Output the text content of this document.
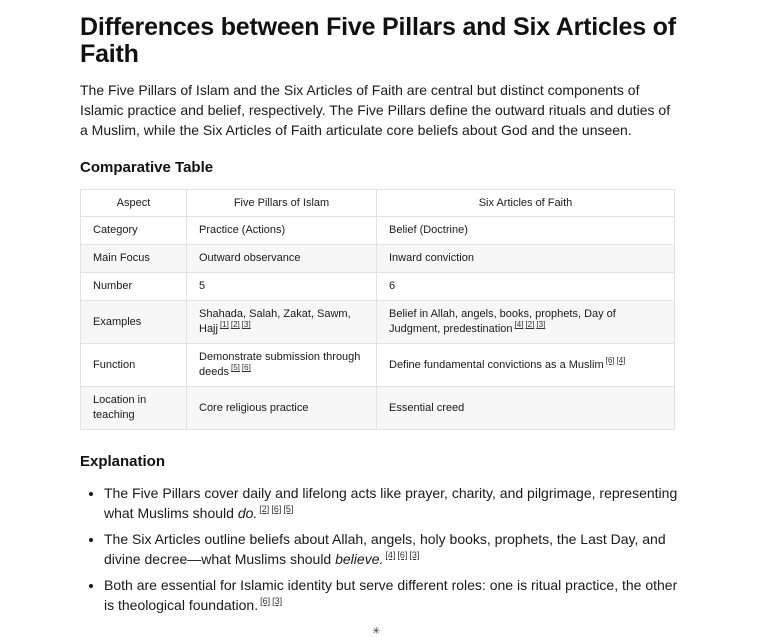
Differences between Five Pillars and Six Articles of Faith

The Five Pillars of Islam and the Six Articles of Faith are central but distinct components of Islamic practice and belief, respectively. The Five Pillars define the outward rituals and duties of a Muslim, while the Six Articles of Faith articulate core beliefs about God and the unseen.

Comparative Table
Aspect	Five Pillars of Islam	Six Articles of Faith
Category	Practice (Actions)	Belief (Doctrine)
Main Focus	Outward observance	Inward conviction
Number	5	6
Examples	Shahada, Salah, Zakat, Sawm, Hajj [1] [2] [3]	Belief in Allah, angels, books, prophets, Day of Judgment, predestination [4] [2] [3]
Function	Demonstrate submission through deeds [5] [6]	Define fundamental convictions as a Muslim [6] [4]
Location in teaching	Core religious practice	Essential creed
Explanation
• The Five Pillars cover daily and lifelong acts like prayer, charity, and pilgrimage, representing what Muslims should do. [2] [6] [5]
• The Six Articles outline beliefs about Allah, angels, holy books, prophets, the Last Day, and divine decree—what Muslims should believe. [4] [6] [3]
• Both are essential for Islamic identity but serve different roles: one is ritual practice, the other is theological foundation. [6] [3]
✳
